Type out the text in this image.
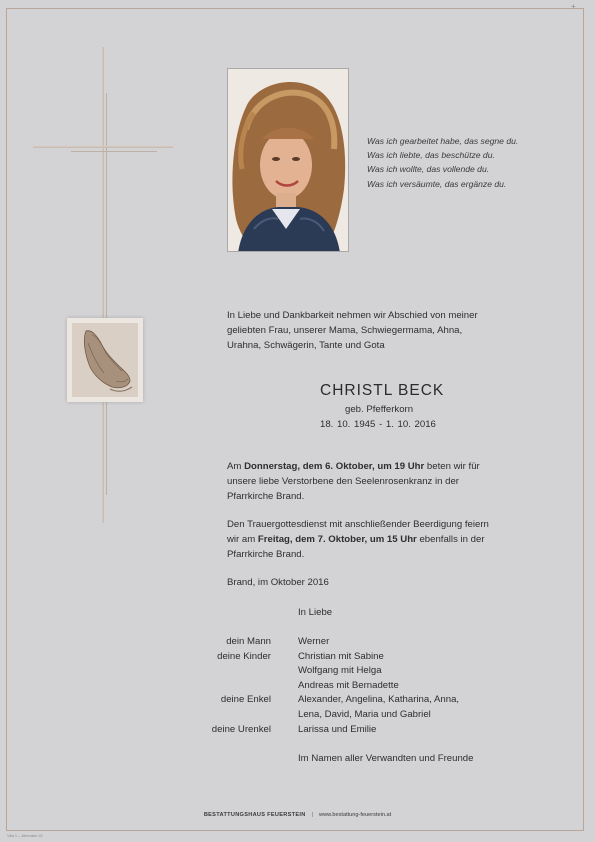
+
Was ich gearbeitet habe, das segne du.
Was ich liebte, das beschütze du.
Was ich wollte, das vollende du.
Was ich versäumte, das ergänze du.
In Liebe und Dankbarkeit nehmen wir Abschied von meiner
geliebten Frau, unserer Mama, Schwiegermama, Ahna,
Urahna, Schwägerin, Tante und Gota
CHRISTL BECK
geb. Pfefferkorn
18. 10. 1945 - 1. 10. 2016
Am Donnerstag, dem 6. Oktober, um 19 Uhr beten wir für
unsere liebe Verstorbene den Seelenrosenkranz in der
Pfarrkirche Brand.
Den Trauergottesdienst mit anschließender Beerdigung feiern
wir am Freitag, dem 7. Oktober, um 15 Uhr ebenfalls in der
Pfarrkirche Brand.
Brand, im Oktober 2016
In Liebe
dein Mann	Werner
deine Kinder	Christian mit Sabine
Wolfgang mit Helga
Andreas mit Bernadette
deine Enkel	Alexander, Angelina, Katharina, Anna,
Lena, David, Maria und Gabriel
deine Urenkel	Larissa und Emilie
Im Namen aller Verwandten und Freunde
BESTATTUNGSHAUS FEUERSTEIN | www.bestattung-feuerstein.at
Vita 1 – Abenden 41
